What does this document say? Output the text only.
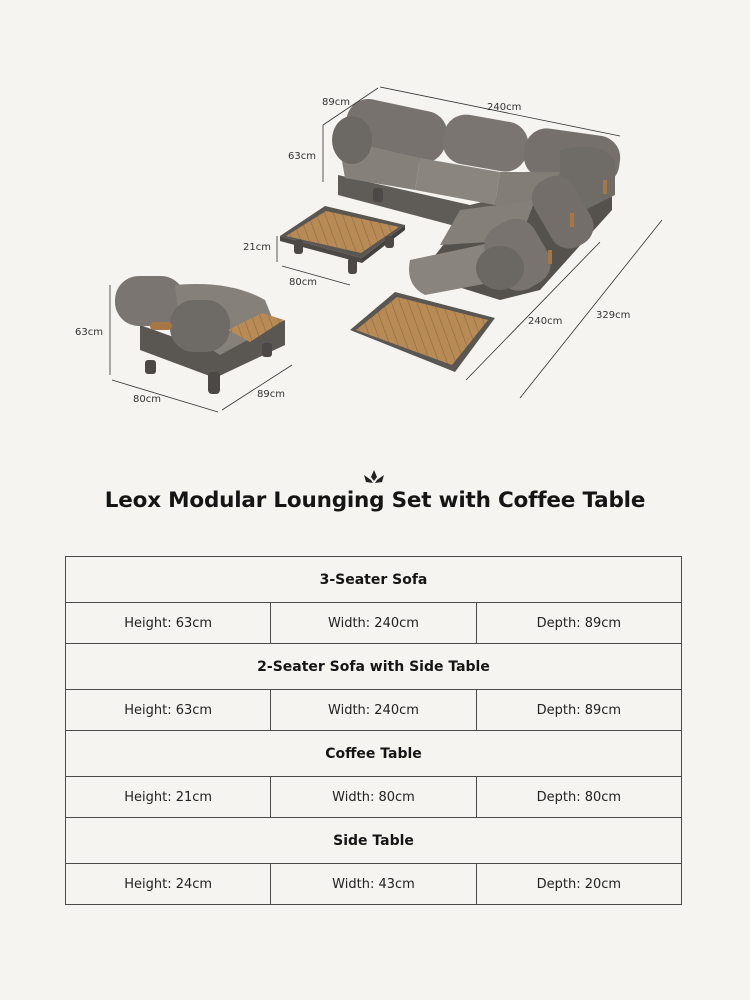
89cm	240cm
63cm
21cm
80cm
240cm
329cm
63cm
80cm	89cm
Leox Modular Lounging Set with Coffee Table
3-Seater Sofa		
Height: 63cm	Width: 240cm	Depth: 89cm
2-Seater Sofa with Side Table		
Height: 63cm	Width: 240cm	Depth: 89cm
Coffee Table		
Height: 21cm	Width: 80cm	Depth: 80cm
Side Table		
Height: 24cm	Width: 43cm	Depth: 20cm
